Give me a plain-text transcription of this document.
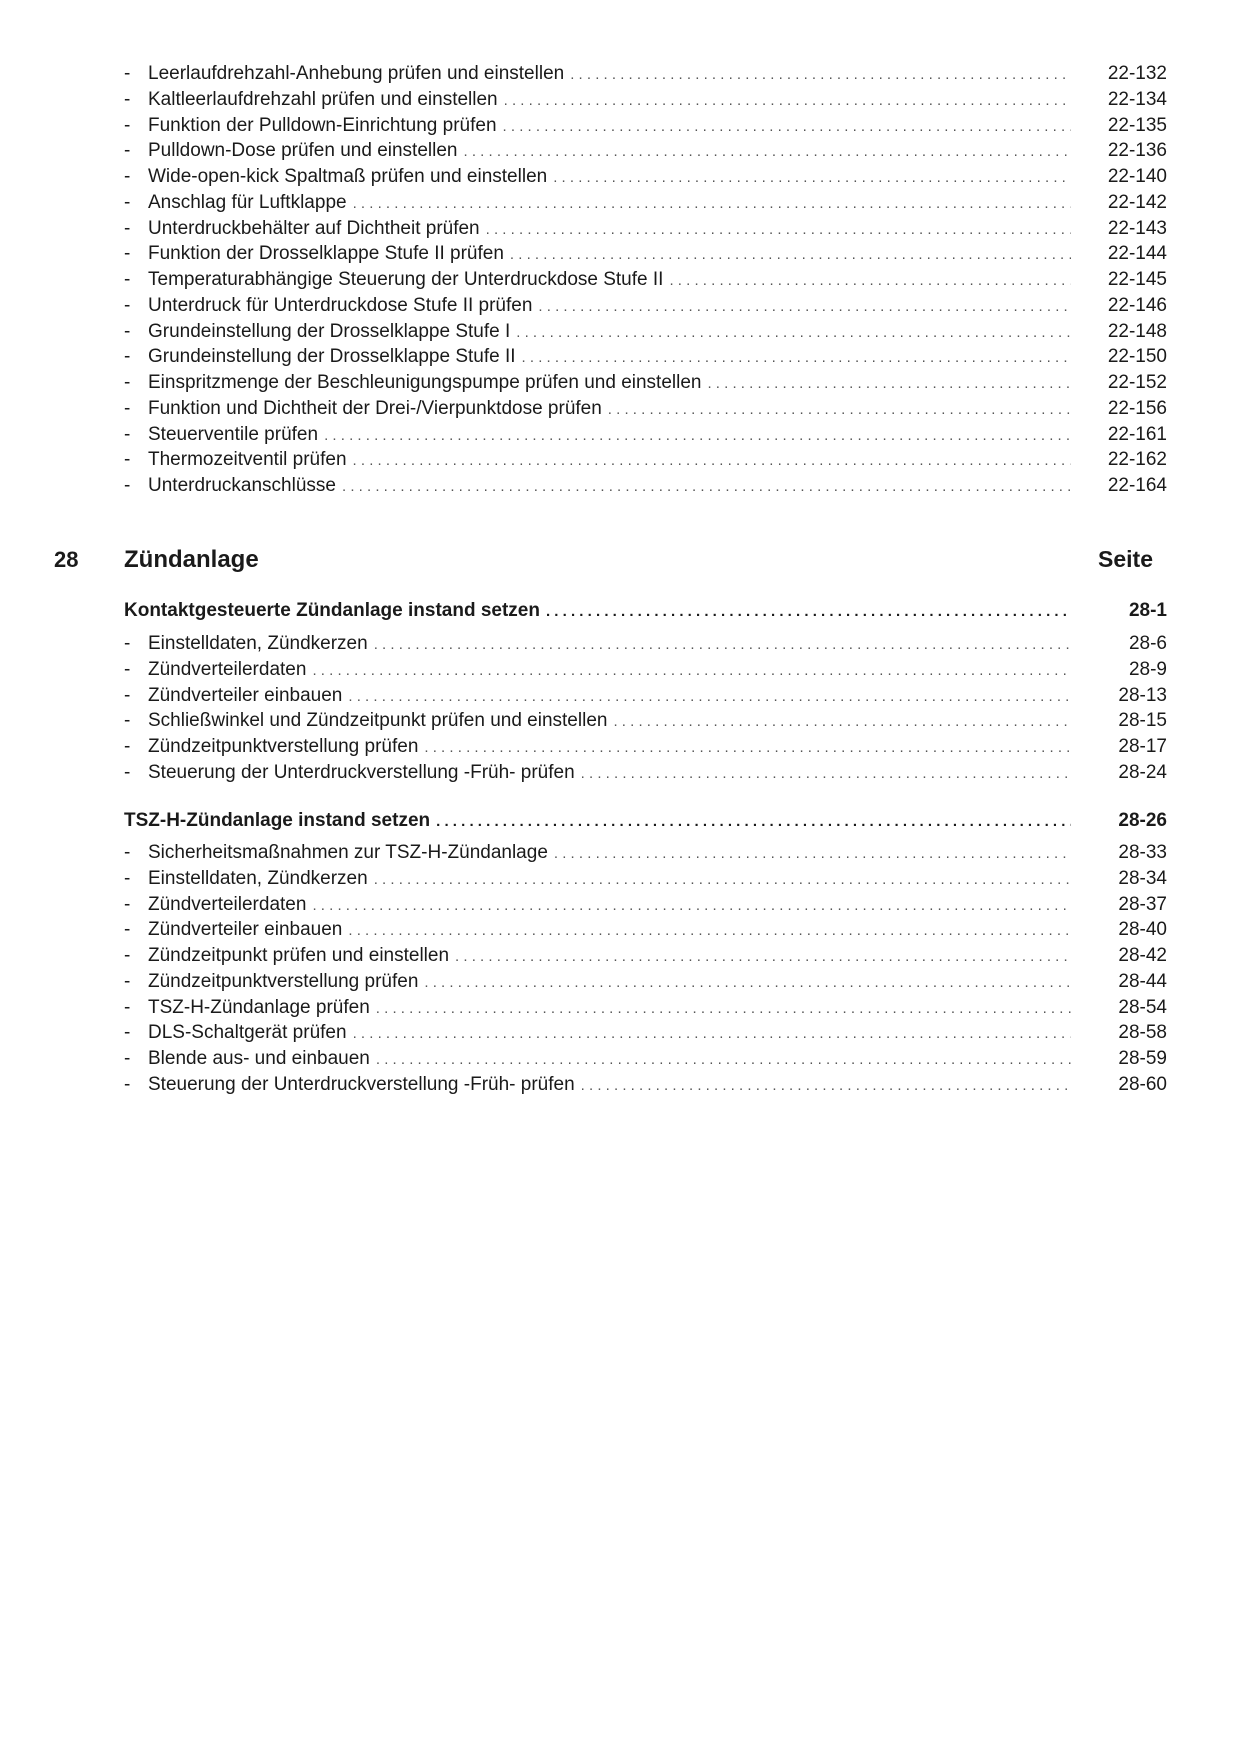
- Leerlaufdrehzahl-Anhebung prüfen und einstellen . . .	22-132
- Kaltleerlaufdrehzahl prüfen und einstellen . . .	22-134
- Funktion der Pulldown-Einrichtung prüfen . . .	22-135
- Pulldown-Dose prüfen und einstellen . . .	22-136
- Wide-open-kick Spaltmaß prüfen und einstellen . . .	22-140
- Anschlag für Luftklappe . . .	22-142
- Unterdruckbehälter auf Dichtheit prüfen . . .	22-143
- Funktion der Drosselklappe Stufe II prüfen . . .	22-144
- Temperaturabhängige Steuerung der Unterdruckdose Stufe II . . .	22-145
- Unterdruck für Unterdruckdose Stufe II prüfen . . .	22-146
- Grundeinstellung der Drosselklappe Stufe I . . .	22-148
- Grundeinstellung der Drosselklappe Stufe II . . .	22-150
- Einspritzmenge der Beschleunigungspumpe prüfen und einstellen . . .	22-152
- Funktion und Dichtheit der Drei-/Vierpunktdose prüfen . . .	22-156
- Steuerventile prüfen . . .	22-161
- Thermozeitventil prüfen . . .	22-162
- Unterdruckanschlüsse . . .	22-164
28	Zündanlage	Seite
Kontaktgesteuerte Zündanlage instand setzen . . .	28-1
- Einstelldaten, Zündkerzen . . .	28-6
- Zündverteilerdaten . . .	28-9
- Zündverteiler einbauen . . .	28-13
- Schließwinkel und Zündzeitpunkt prüfen und einstellen . . .	28-15
- Zündzeitpunktverstellung prüfen . . .	28-17
- Steuerung der Unterdruckverstellung -Früh- prüfen . . .	28-24
TSZ-H-Zündanlage instand setzen . . .	28-26
- Sicherheitsmaßnahmen zur TSZ-H-Zündanlage . . .	28-33
- Einstelldaten, Zündkerzen . . .	28-34
- Zündverteilerdaten . . .	28-37
- Zündverteiler einbauen . . .	28-40
- Zündzeitpunkt prüfen und einstellen . . .	28-42
- Zündzeitpunktverstellung prüfen . . .	28-44
- TSZ-H-Zündanlage prüfen . . .	28-54
- DLS-Schaltgerät prüfen . . .	28-58
- Blende aus- und einbauen . . .	28-59
- Steuerung der Unterdruckverstellung -Früh- prüfen . . .	28-60
